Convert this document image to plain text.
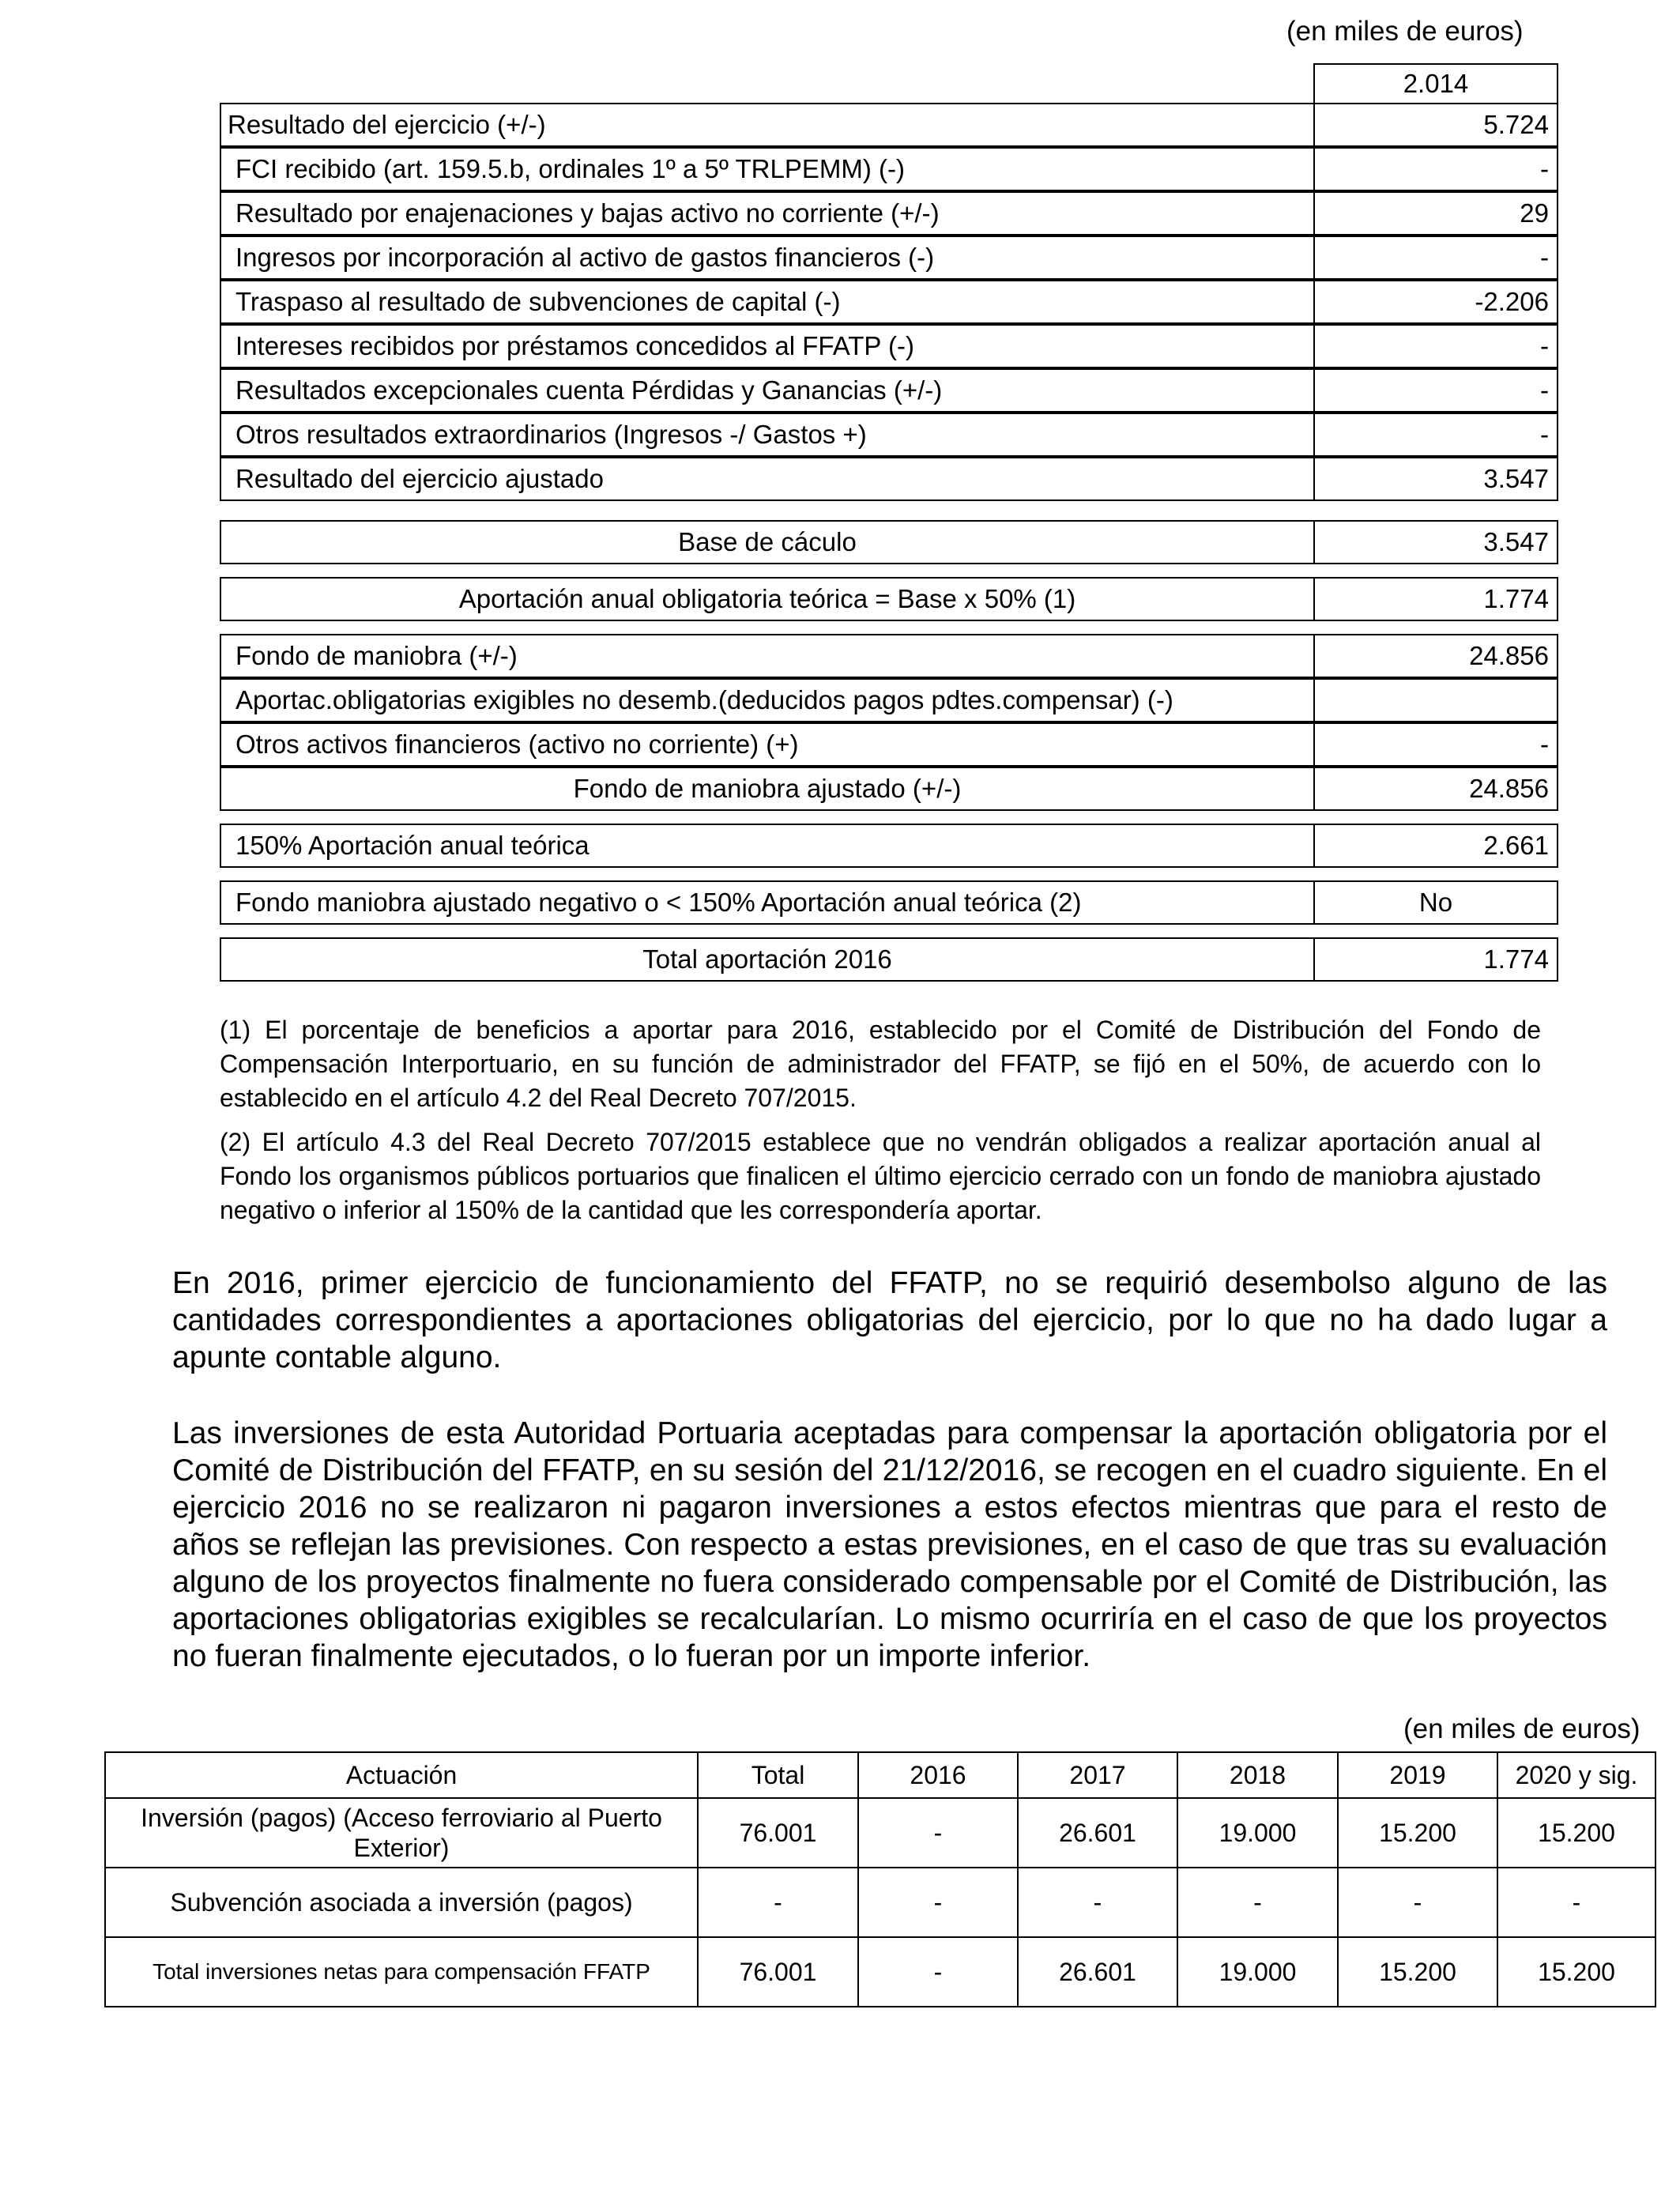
(en miles de euros)
2.014
Resultado del ejercicio (+/-)	5.724
FCI recibido (art. 159.5.b, ordinales 1º a 5º TRLPEMM) (-)	-
Resultado por enajenaciones y bajas activo no corriente (+/-)	29
Ingresos por incorporación al activo de gastos financieros (-)	-
Traspaso al resultado de subvenciones de capital (-)	-2.206
Intereses recibidos por préstamos concedidos al FFATP (-)	-
Resultados excepcionales cuenta Pérdidas y Ganancias (+/-)	-
Otros resultados extraordinarios (Ingresos -/ Gastos +)	-
Resultado del ejercicio ajustado	3.547
Base de cáculo	3.547
Aportación anual obligatoria teórica = Base x 50% (1)	1.774
Fondo de maniobra (+/-)	24.856
Aportac.obligatorias exigibles no desemb.(deducidos pagos pdtes.compensar) (-)
Otros activos financieros (activo no corriente) (+)	-
Fondo de maniobra ajustado (+/-)	24.856
150% Aportación anual teórica	2.661
Fondo maniobra ajustado negativo o < 150% Aportación anual teórica (2)	No
Total aportación 2016	1.774
(1) El porcentaje de beneficios a aportar para 2016, establecido por el Comité de Distribución del Fondo de Compensación Interportuario, en su función de administrador del FFATP, se fijó en el 50%, de acuerdo con lo establecido en el artículo 4.2 del Real Decreto 707/2015.
(2) El artículo 4.3 del Real Decreto 707/2015 establece que no vendrán obligados a realizar aportación anual al Fondo los organismos públicos portuarios que finalicen el último ejercicio cerrado con un fondo de maniobra ajustado negativo o inferior al 150% de la cantidad que les correspondería aportar.
En 2016, primer ejercicio de funcionamiento del FFATP, no se requirió desembolso alguno de las cantidades correspondientes a aportaciones obligatorias del ejercicio, por lo que no ha dado lugar a apunte contable alguno.
Las inversiones de esta Autoridad Portuaria aceptadas para compensar la aportación obligatoria por el Comité de Distribución del FFATP, en su sesión del 21/12/2016, se recogen en el cuadro siguiente. En el ejercicio 2016 no se realizaron ni pagaron inversiones a estos efectos mientras que para el resto de años se reflejan las previsiones. Con respecto a estas previsiones, en el caso de que tras su evaluación alguno de los proyectos finalmente no fuera considerado compensable por el Comité de Distribución, las aportaciones obligatorias exigibles se recalcularían. Lo mismo ocurriría en el caso de que los proyectos no fueran finalmente ejecutados, o lo fueran por un importe inferior.
(en miles de euros)
Actuación	Total	2016	2017	2018	2019	2020 y sig.
Inversión (pagos) (Acceso ferroviario al Puerto Exterior)	76.001	-	26.601	19.000	15.200	15.200
Subvención asociada a inversión (pagos)	-	-	-	-	-	-
Total inversiones netas para compensación FFATP	76.001	-	26.601	19.000	15.200	15.200
